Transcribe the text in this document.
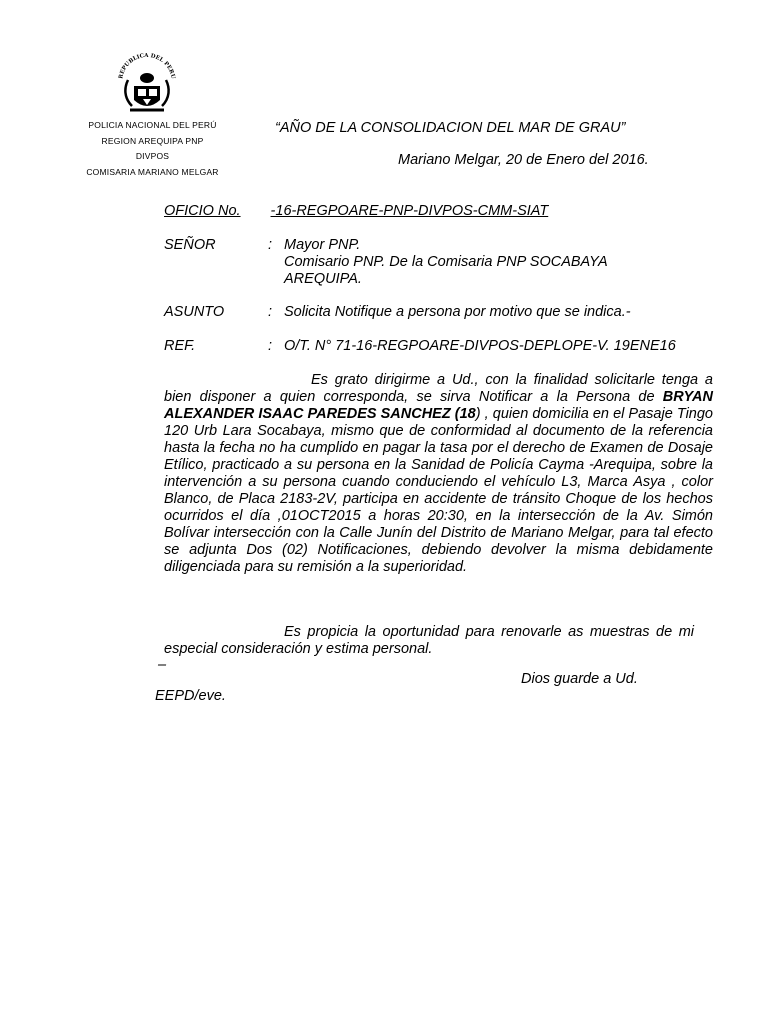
REPUBLICA DEL PERU
POLICIA NACIONAL DEL PERÚ
REGION AREQUIPA PNP
DIVPOS
COMISARIA MARIANO MELGAR
“AÑO DE LA CONSOLIDACION DEL MAR DE GRAU”
Mariano Melgar, 20 de Enero del 2016.
OFICIO No. -16-REGPOARE-PNP-DIVPOS-CMM-SIAT
SEÑOR	: Mayor PNP.
Comisario PNP. De la Comisaria PNP SOCABAYA
AREQUIPA.
ASUNTO	: Solicita Notifique a persona por motivo que se indica.-
REF.	: O/T. N° 71-16-REGPOARE-DIVPOS-DEPLOPE-V. 19ENE16
Es grato dirigirme a Ud., con la finalidad solicitarle tenga a bien disponer a quien corresponda, se sirva Notificar a la Persona de BRYAN ALEXANDER ISAAC PAREDES SANCHEZ (18) , quien domicilia en el Pasaje Tingo 120 Urb Lara Socabaya, mismo que de conformidad al documento de la referencia hasta la fecha no ha cumplido en pagar la tasa por el derecho de Examen de Dosaje Etílico, practicado a su persona en la Sanidad de Policía Cayma -Arequipa, sobre la intervención a su persona cuando conduciendo el vehículo L3, Marca Asya , color Blanco, de Placa 2183-2V, participa en accidente de tránsito Choque de los hechos ocurridos el día ,01OCT2015 a horas 20:30, en la intersección de la Av. Simón Bolívar intersección con la Calle Junín del Distrito de Mariano Melgar, para tal efecto se adjunta Dos (02) Notificaciones, debiendo devolver la misma debidamente diligenciada para su remisión a la superioridad.
Es propicia la oportunidad para renovarle as muestras de mi especial consideración y estima personal.
–
Dios guarde a Ud.
EEPD/eve.
